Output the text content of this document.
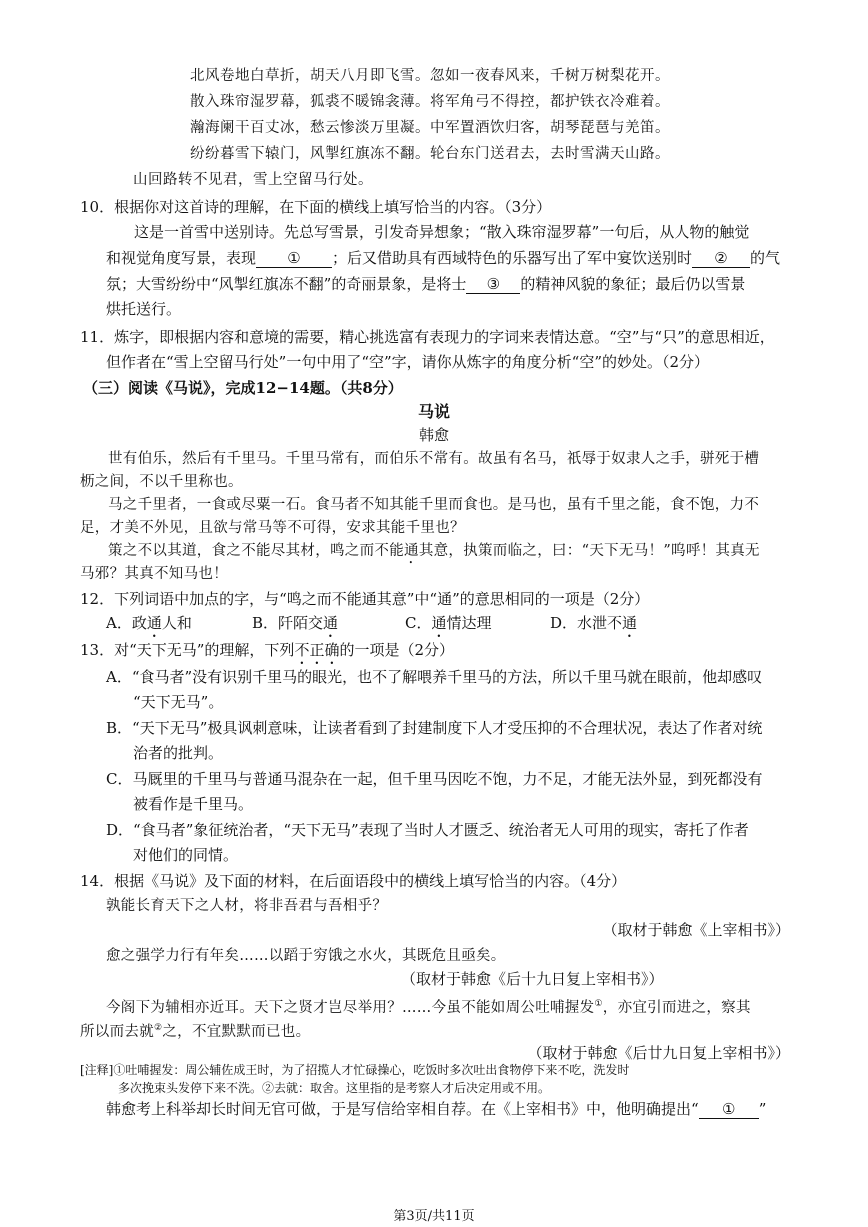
北风卷地白草折，胡天八月即飞雪。忽如一夜春风来，千树万树梨花开。
散入珠帘湿罗幕，狐裘不暖锦衾薄。将军角弓不得控，都护铁衣冷难着。
瀚海阑干百丈冰，愁云惨淡万里凝。中军置酒饮归客，胡琴琵琶与羌笛。
纷纷暮雪下辕门，风掣红旗冻不翻。轮台东门送君去，去时雪满天山路。
山回路转不见君，雪上空留马行处。
10．根据你对这首诗的理解，在下面的横线上填写恰当的内容。（3分）
这是一首雪中送别诗。先总写雪景，引发奇异想象；“散入珠帘湿罗幕”一句后，从人物的触觉
和视觉角度写景，表现 ① ；后又借助具有西域特色的乐器写出了军中宴饮送别时 ② 的气
氛；大雪纷纷中“风掣红旗冻不翻”的奇丽景象，是将士 ③ 的精神风貌的象征；最后仍以雪景
烘托送行。
11．炼字，即根据内容和意境的需要，精心挑选富有表现力的字词来表情达意。“空”与“只”的意思相近，
但作者在“雪上空留马行处”一句中用了“空”字，请你从炼字的角度分析“空”的妙处。（2分）
（三）阅读《马说》，完成12−14题。（共8分）
马说
韩愈
世有伯乐，然后有千里马。千里马常有，而伯乐不常有。故虽有名马，祇辱于奴隶人之手，骈死于槽
枥之间，不以千里称也。
马之千里者，一食或尽粟一石。食马者不知其能千里而食也。是马也，虽有千里之能，食不饱，力不
足，才美不外见，且欲与常马等不可得，安求其能千里也？
策之不以其道，食之不能尽其材，鸣之而不能通其意，执策而临之，曰：“天下无马！”呜呼！其真无
马邪？其真不知马也！
12．下列词语中加点的字，与“鸣之而不能通其意”中“通”的意思相同的一项是（2分）
A．政通人和	B．阡陌交通	C．通情达理	D．水泄不通
13．对“天下无马”的理解，下列不正确的一项是（2分）
A．“食马者”没有识别千里马的眼光，也不了解喂养千里马的方法，所以千里马就在眼前，他却感叹
“天下无马”。
B．“天下无马”极具讽刺意味，让读者看到了封建制度下人才受压抑的不合理状况，表达了作者对统
治者的批判。
C．马厩里的千里马与普通马混杂在一起，但千里马因吃不饱，力不足，才能无法外显，到死都没有
被看作是千里马。
D．“食马者”象征统治者，“天下无马”表现了当时人才匮乏、统治者无人可用的现实，寄托了作者
对他们的同情。
14．根据《马说》及下面的材料，在后面语段中的横线上填写恰当的内容。（4分）
孰能长育天下之人材，将非吾君与吾相乎？
（取材于韩愈《上宰相书》）
愈之强学力行有年矣……以蹈于穷饿之水火，其既危且亟矣。
（取材于韩愈《后十九日复上宰相书》）
今阁下为辅相亦近耳。天下之贤才岂尽举用？……今虽不能如周公吐哺握发①，亦宜引而进之，察其
所以而去就②之，不宜默默而已也。
（取材于韩愈《后廿九日复上宰相书》）
[注释]①吐哺握发：周公辅佐成王时，为了招揽人才忙碌操心，吃饭时多次吐出食物停下来不吃，洗发时
多次挽束头发停下来不洗。②去就：取舍。这里指的是考察人才后决定用或不用。
韩愈考上科举却长时间无官可做，于是写信给宰相自荐。在《上宰相书》中，他明确提出“ ① ”
第3页/共11页
